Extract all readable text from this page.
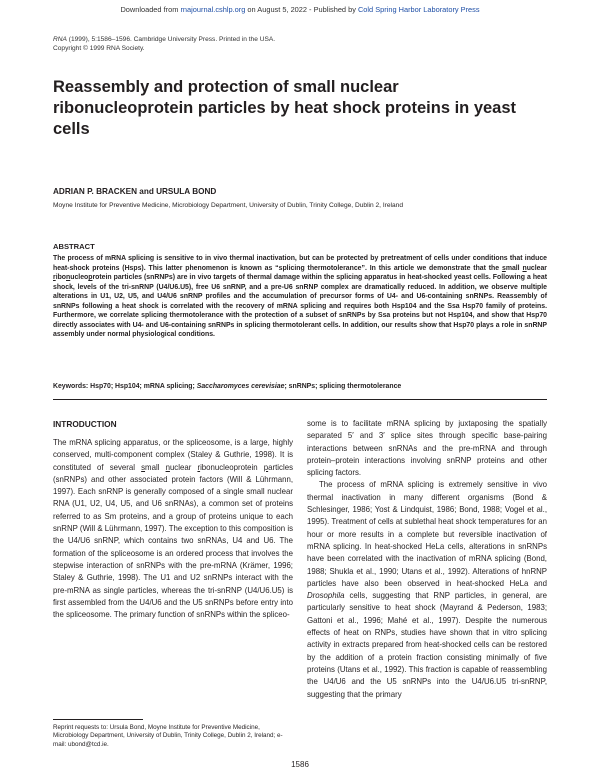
Downloaded from rnajournal.cshlp.org on August 5, 2022 - Published by Cold Spring Harbor Laboratory Press
RNA (1999), 5:1586–1596. Cambridge University Press. Printed in the USA.
Copyright © 1999 RNA Society.
Reassembly and protection of small nuclear ribonucleoprotein particles by heat shock proteins in yeast cells
ADRIAN P. BRACKEN and URSULA BOND
Moyne Institute for Preventive Medicine, Microbiology Department, University of Dublin, Trinity College, Dublin 2, Ireland
ABSTRACT
The process of mRNA splicing is sensitive to in vivo thermal inactivation, but can be protected by pretreatment of cells under conditions that induce heat-shock proteins (Hsps). This latter phenomenon is known as “splicing thermotolerance”. In this article we demonstrate that the small nuclear ribonucleoprotein particles (snRNPs) are in vivo targets of thermal damage within the splicing apparatus in heat-shocked yeast cells. Following a heat shock, levels of the tri-snRNP (U4/U6.U5), free U6 snRNP, and a pre-U6 snRNP complex are dramatically reduced. In addition, we observe multiple alterations in U1, U2, U5, and U4/U6 snRNP profiles and the accumulation of precursor forms of U4- and U6-containing snRNPs. Reassembly of snRNPs following a heat shock is correlated with the recovery of mRNA splicing and requires both Hsp104 and the Ssa Hsp70 family of proteins. Furthermore, we correlate splicing thermotolerance with the protection of a subset of snRNPs by Ssa proteins but not Hsp104, and show that Hsp70 directly associates with U4- and U6-containing snRNPs in splicing thermotolerant cells. In addition, our results show that Hsp70 plays a role in snRNP assembly under normal physiological conditions.
Keywords: Hsp70; Hsp104; mRNA splicing; Saccharomyces cerevisiae; snRNPs; splicing thermotolerance

INTRODUCTION

The mRNA splicing apparatus, or the spliceosome, is a large, highly conserved, multi-component complex (Staley & Guthrie, 1998). It is constituted of several small nuclear ribonucleoprotein particles (snRNPs) and other associated protein factors (Will & Lührmann, 1997). Each snRNP is generally composed of a single small nuclear RNA (U1, U2, U4, U5, and U6 snRNAs), a common set of proteins referred to as Sm proteins, and a group of proteins unique to each snRNP (Will & Lührmann, 1997). The exception to this composition is the U4/U6 snRNP, which contains two snRNAs, U4 and U6. The formation of the spliceosome is an ordered process that involves the stepwise interaction of snRNPs with the pre-mRNA (Krämer, 1996; Staley & Guthrie, 1998). The U1 and U2 snRNPs interact with the pre-mRNA as single particles, whereas the tri-snRNP (U4/U6.U5) is first assembled from the U4/U6 and the U5 snRNPs before entry into the spliceosome. The primary function of snRNPs within the spliceo-

some is to facilitate mRNA splicing by juxtaposing the spatially separated 5′ and 3′ splice sites through specific base-pairing interactions between snRNAs and the pre-mRNA and through protein–protein interactions involving snRNP proteins and other splicing factors.

The process of mRNA splicing is extremely sensitive in vivo thermal inactivation in many different organisms (Bond & Schlesinger, 1986; Yost & Lindquist, 1986; Bond, 1988; Vogel et al., 1995). Treatment of cells at sublethal heat shock temperatures for an hour or more results in a complete but reversible inactivation of mRNA splicing. In heat-shocked HeLa cells, alterations in snRNPs have been correlated with the inactivation of mRNA splicing (Bond, 1988; Shukla et al., 1990; Utans et al., 1992). Alterations of hnRNP particles have also been observed in heat-shocked HeLa and Drosophila cells, suggesting that RNP particles, in general, are particularly sensitive to heat shock (Mayrand & Pederson, 1983; Gattoni et al., 1996; Mahé et al., 1997). Despite the numerous effects of heat on RNPs, studies have shown that in vitro splicing activity in extracts prepared from heat-shocked cells can be restored by the addition of a protein fraction consisting minimally of five proteins (Utans et al., 1992). This fraction is capable of reassembling the U4/U6 and the U5 snRNPs into the U4/U6.U5 tri-snRNP, suggesting that the primary

Reprint requests to: Ursula Bond, Moyne Institute for Preventive Medicine, Microbiology Department, University of Dublin, Trinity College, Dublin 2, Ireland; e-mail: ubond@tcd.ie.
1586
